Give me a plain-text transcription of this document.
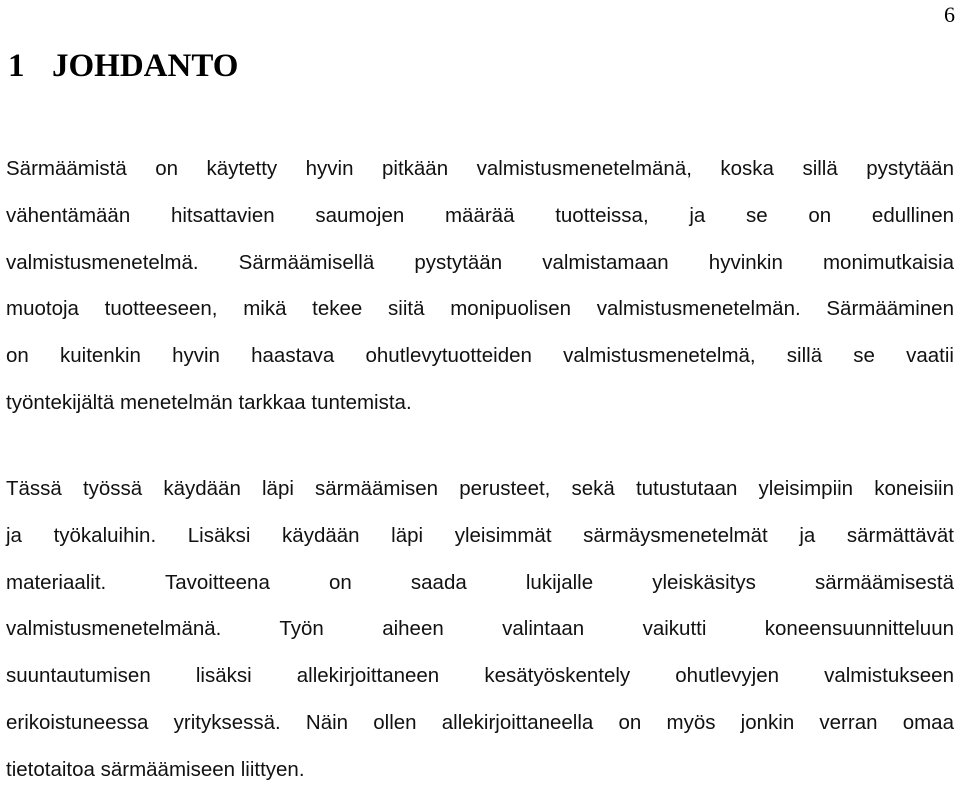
6
1 JOHDANTO

Särmäämistä on käytetty hyvin pitkään valmistusmenetelmänä, koska sillä pystytään
vähentämään hitsattavien saumojen määrää tuotteissa, ja se on edullinen
valmistusmenetelmä. Särmäämisellä pystytään valmistamaan hyvinkin monimutkaisia
muotoja tuotteeseen, mikä tekee siitä monipuolisen valmistusmenetelmän. Särmääminen
on kuitenkin hyvin haastava ohutlevytuotteiden valmistusmenetelmä, sillä se vaatii
työntekijältä menetelmän tarkkaa tuntemista.

Tässä työssä käydään läpi särmäämisen perusteet, sekä tutustutaan yleisimpiin koneisiin
ja työkaluihin. Lisäksi käydään läpi yleisimmät särmäysmenetelmät ja särmättävät
materiaalit. Tavoitteena on saada lukijalle yleiskäsitys särmäämisestä
valmistusmenetelmänä. Työn aiheen valintaan vaikutti koneensuunnitteluun
suuntautumisen lisäksi allekirjoittaneen kesätyöskentely ohutlevyjen valmistukseen
erikoistuneessa yrityksessä. Näin ollen allekirjoittaneella on myös jonkin verran omaa
tietotaitoa särmäämiseen liittyen.
